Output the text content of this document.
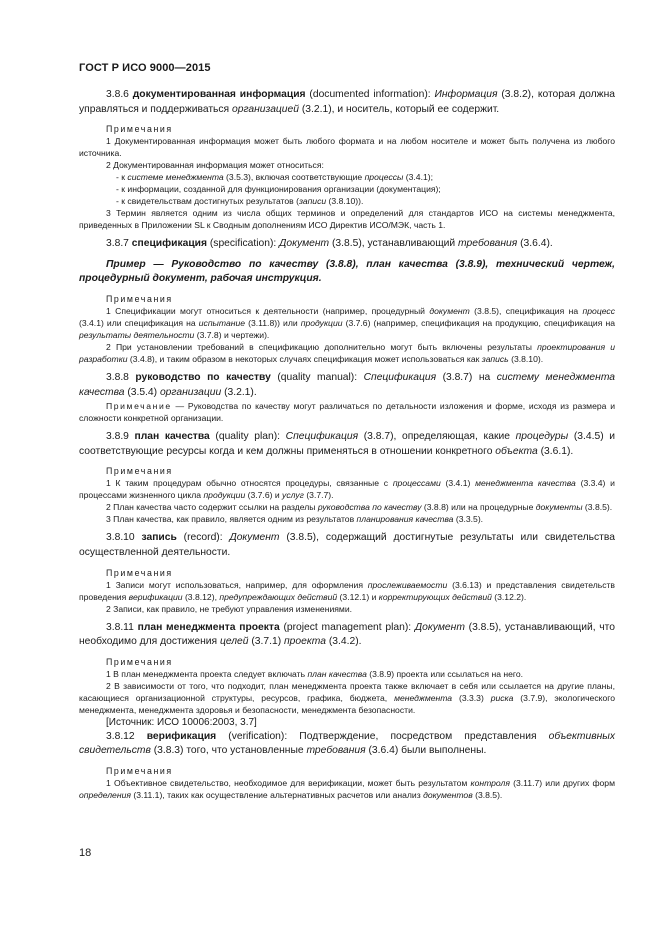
ГОСТ Р ИСО 9000—2015
3.8.6 документированная информация (documented information): Информация (3.8.2), которая должна управляться и поддерживаться организацией (3.2.1), и носитель, который ее содержит.
Примечания
1 Документированная информация может быть любого формата и на любом носителе и может быть получена из любого источника.
2 Документированная информация может относиться:
- к системе менеджмента (3.5.3), включая соответствующие процессы (3.4.1);
- к информации, созданной для функционирования организации (документация);
- к свидетельствам достигнутых результатов (записи (3.8.10)).
3 Термин является одним из числа общих терминов и определений для стандартов ИСО на системы менеджмента, приведенных в Приложении SL к Сводным дополнениям ИСО Директив ИСО/МЭК, часть 1.
3.8.7 спецификация (specification): Документ (3.8.5), устанавливающий требования (3.6.4).
Пример — Руководство по качеству (3.8.8), план качества (3.8.9), технический чертеж, процедурный документ, рабочая инструкция.
Примечания
1 Спецификации могут относиться к деятельности (например, процедурный документ (3.8.5), спецификация на процесс (3.4.1) или спецификация на испытание (3.11.8)) или продукции (3.7.6) (например, спецификация на продукцию, спецификация на результаты деятельности (3.7.8) и чертежи).
2 При установлении требований в спецификацию дополнительно могут быть включены результаты проектирования и разработки (3.4.8), и таким образом в некоторых случаях спецификация может использоваться как запись (3.8.10).
3.8.8 руководство по качеству (quality manual): Спецификация (3.8.7) на систему менеджмента качества (3.5.4) организации (3.2.1).
Примечание — Руководства по качеству могут различаться по детальности изложения и форме, исходя из размера и сложности конкретной организации.
3.8.9 план качества (quality plan): Спецификация (3.8.7), определяющая, какие процедуры (3.4.5) и соответствующие ресурсы когда и кем должны применяться в отношении конкретного объекта (3.6.1).
Примечания
1 К таким процедурам обычно относятся процедуры, связанные с процессами (3.4.1) менеджмента качества (3.3.4) и процессами жизненного цикла продукции (3.7.6) и услуг (3.7.7).
2 План качества часто содержит ссылки на разделы руководства по качеству (3.8.8) или на процедурные документы (3.8.5).
3 План качества, как правило, является одним из результатов планирования качества (3.3.5).
3.8.10 запись (record): Документ (3.8.5), содержащий достигнутые результаты или свидетельства осуществленной деятельности.
Примечания
1 Записи могут использоваться, например, для оформления прослеживаемости (3.6.13) и представления свидетельств проведения верификации (3.8.12), предупреждающих действий (3.12.1) и корректирующих действий (3.12.2).
2 Записи, как правило, не требуют управления изменениями.
3.8.11 план менеджмента проекта (project management plan): Документ (3.8.5), устанавливающий, что необходимо для достижения целей (3.7.1) проекта (3.4.2).
Примечания
1 В план менеджмента проекта следует включать план качества (3.8.9) проекта или ссылаться на него.
2 В зависимости от того, что подходит, план менеджмента проекта также включает в себя или ссылается на другие планы, касающиеся организационной структуры, ресурсов, графика, бюджета, менеджмента (3.3.3) риска (3.7.9), экологического менеджмента, менеджмента здоровья и безопасности, менеджмента безопасности.
[Источник: ИСО 10006:2003, 3.7]
3.8.12 верификация (verification): Подтверждение, посредством представления объективных свидетельств (3.8.3) того, что установленные требования (3.6.4) были выполнены.
Примечания
1 Объективное свидетельство, необходимое для верификации, может быть результатом контроля (3.11.7) или других форм определения (3.11.1), таких как осуществление альтернативных расчетов или анализ документов (3.8.5).
18
